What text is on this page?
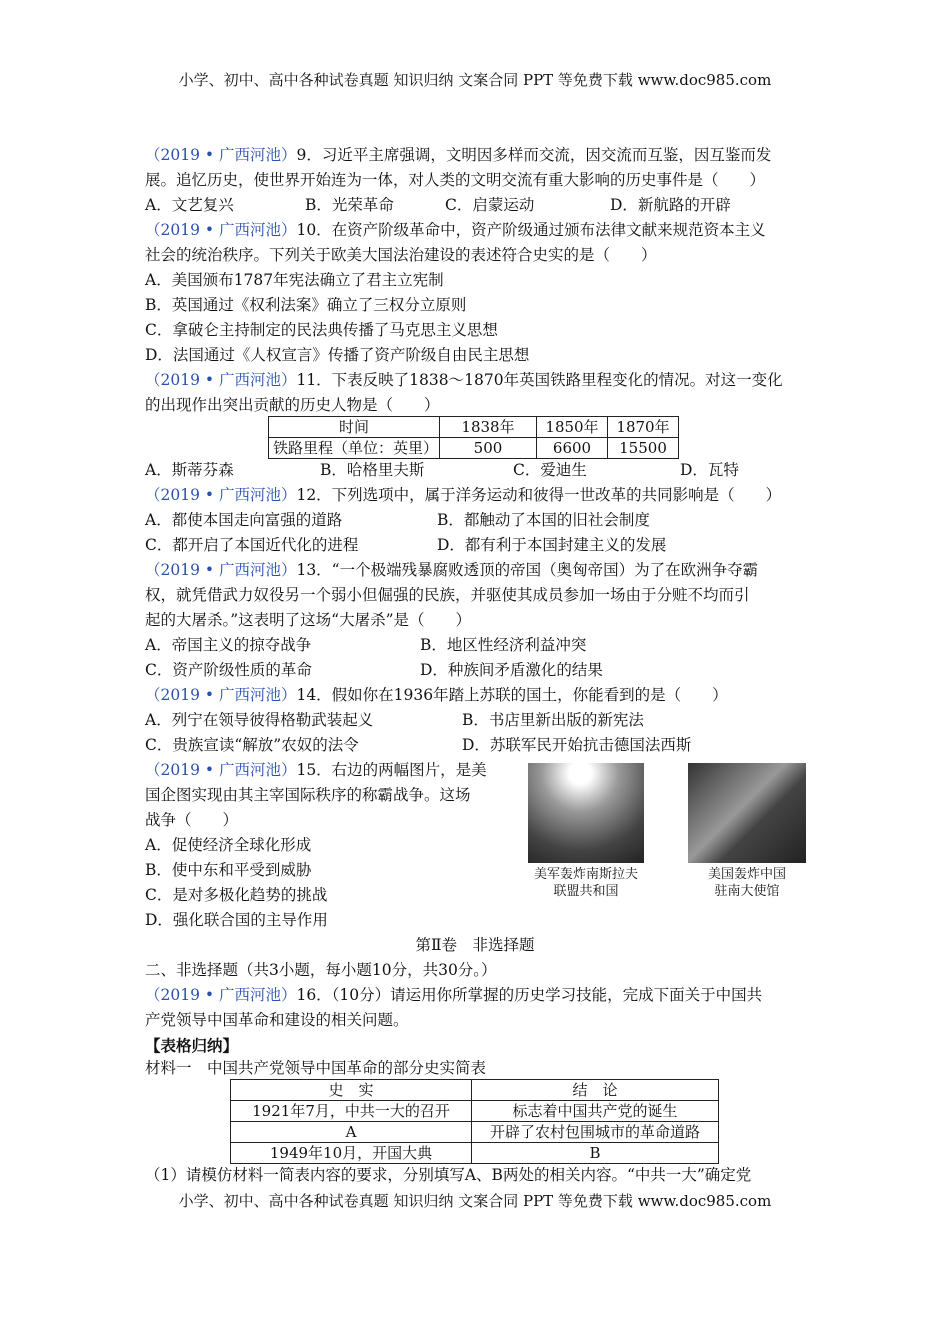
小学、初中、高中各种试卷真题 知识归纳 文案合同 PPT 等免费下载 www.doc985.com
（2019 • 广西河池）9．习近平主席强调，文明因多样而交流，因交流而互鉴，因互鉴而发
展。追忆历史，使世界开始连为一体，对人类的文明交流有重大影响的历史事件是（　　）
A．文艺复兴	B．光荣革命	C．启蒙运动	D．新航路的开辟
（2019 • 广西河池）10．在资产阶级革命中，资产阶级通过颁布法律文献来规范资本主义
社会的统治秩序。下列关于欧美大国法治建设的表述符合史实的是（　　）
A．美国颁布1787年宪法确立了君主立宪制
B．英国通过《权利法案》确立了三权分立原则
C．拿破仑主持制定的民法典传播了马克思主义思想
D．法国通过《人权宣言》传播了资产阶级自由民主思想
（2019 • 广西河池）11．下表反映了1838～1870年英国铁路里程变化的情况。对这一变化
的出现作出突出贡献的历史人物是（　　）
时间	1838年	1850年	1870年
铁路里程（单位：英里）	500	6600	15500
A．斯蒂芬森	B．哈格里夫斯	C．爱迪生	D．瓦特
（2019 • 广西河池）12．下列选项中，属于洋务运动和彼得一世改革的共同影响是（　　）
A．都使本国走向富强的道路	B．都触动了本国的旧社会制度
C．都开启了本国近代化的进程	D．都有利于本国封建主义的发展
（2019 • 广西河池）13．“一个极端残暴腐败透顶的帝国（奥匈帝国）为了在欧洲争夺霸
权，就凭借武力奴役另一个弱小但倔强的民族，并驱使其成员参加一场由于分赃不均而引
起的大屠杀。”这表明了这场“大屠杀”是（　　）
A．帝国主义的掠夺战争	B．地区性经济利益冲突
C．资产阶级性质的革命	D．种族间矛盾激化的结果
（2019 • 广西河池）14．假如你在1936年踏上苏联的国土，你能看到的是（　　）
A．列宁在领导彼得格勒武装起义	B．书店里新出版的新宪法
C．贵族宣读“解放”农奴的法令	D．苏联军民开始抗击德国法西斯
（2019 • 广西河池）15．右边的两幅图片，是美
国企图实现由其主宰国际秩序的称霸战争。这场
战争（　　）
A．促使经济全球化形成
B．使中东和平受到威胁
C．是对多极化趋势的挑战
D．强化联合国的主导作用
美军轰炸南斯拉夫
联盟共和国
美国轰炸中国
驻南大使馆
第Ⅱ卷　非选择题
二、非选择题（共3小题，每小题10分，共30分。）
（2019 • 广西河池）16．（10分）请运用你所掌握的历史学习技能，完成下面关于中国共
产党领导中国革命和建设的相关问题。
【表格归纳】
材料一　中国共产党领导中国革命的部分史实简表
史　实	结　论
1921年7月，中共一大的召开	标志着中国共产党的诞生
A	开辟了农村包围城市的革命道路
1949年10月，开国大典	B
（1）请模仿材料一简表内容的要求，分别填写A、B两处的相关内容。“中共一大”确定党
小学、初中、高中各种试卷真题 知识归纳 文案合同 PPT 等免费下载 www.doc985.com
